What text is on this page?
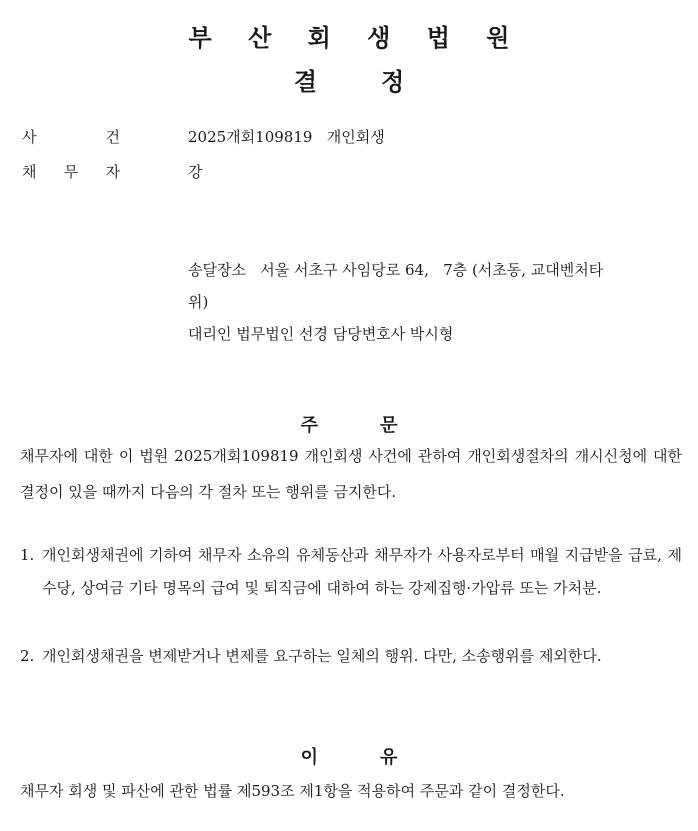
부 산 회 생 법 원
결	정
사	건	2025개회109819   개인회생
채 무 자	강
송달장소   서울 서초구 사임당로 64,   7층 (서초동, 교대벤처타
위)
대리인 법무법인 선경 담당변호사 박시형
주	문
채무자에 대한 이 법원 2025개회109819 개인회생 사건에 관하여 개인회생절차의 개시신청에 대한 결정이 있을 때까지 다음의 각 절차 또는 행위를 금지한다.
1. 개인회생채권에 기하여 채무자 소유의 유체동산과 채무자가 사용자로부터 매월 지급받을 급료, 제수당, 상여금 기타 명목의 급여 및 퇴직금에 대하여 하는 강제집행·가압류 또는 가처분.
2. 개인회생채권을 변제받거나 변제를 요구하는 일체의 행위. 다만, 소송행위를 제외한다.
이	유
채무자 회생 및 파산에 관한 법률 제593조 제1항을 적용하여 주문과 같이 결정한다.
